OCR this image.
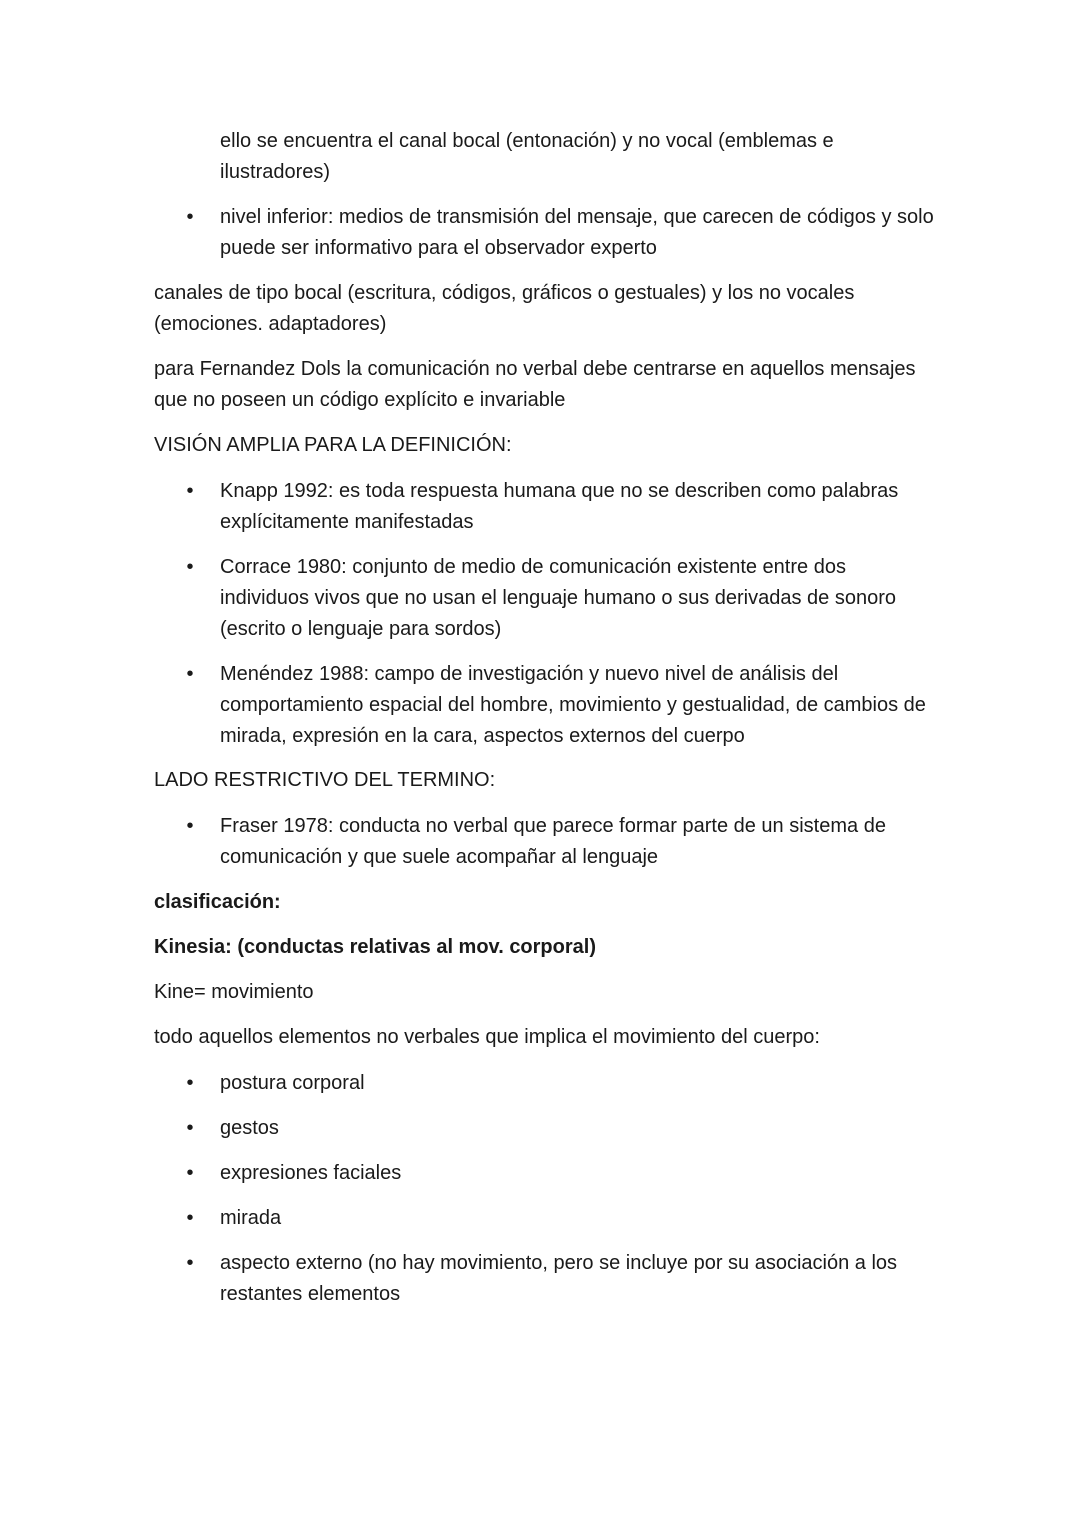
ello se encuentra el canal bocal (entonación) y no vocal (emblemas e ilustradores)

• nivel inferior: medios de transmisión del mensaje, que carecen de códigos y solo puede ser informativo para el observador experto

canales de tipo bocal (escritura, códigos, gráficos o gestuales) y los no vocales (emociones. adaptadores)

para Fernandez Dols la comunicación no verbal debe centrarse en aquellos mensajes que no poseen un código explícito e invariable

VISIÓN AMPLIA PARA LA DEFINICIÓN:

• Knapp 1992: es toda respuesta humana que no se describen como palabras explícitamente manifestadas

• Corrace 1980: conjunto de medio de comunicación existente entre dos individuos vivos que no usan el lenguaje humano o sus derivadas de sonoro (escrito o lenguaje para sordos)

• Menéndez 1988: campo de investigación y nuevo nivel de análisis del comportamiento espacial del hombre, movimiento y gestualidad, de cambios de mirada, expresión en la cara, aspectos externos del cuerpo

LADO RESTRICTIVO DEL TERMINO:

• Fraser 1978: conducta no verbal que parece formar parte de un sistema de comunicación y que suele acompañar al lenguaje

clasificación:

Kinesia: (conductas relativas al mov. corporal)

Kine= movimiento

todo aquellos elementos no verbales que implica el movimiento del cuerpo:

• postura corporal

• gestos

• expresiones faciales

• mirada

• aspecto externo (no hay movimiento, pero se incluye por su asociación a los restantes elementos
